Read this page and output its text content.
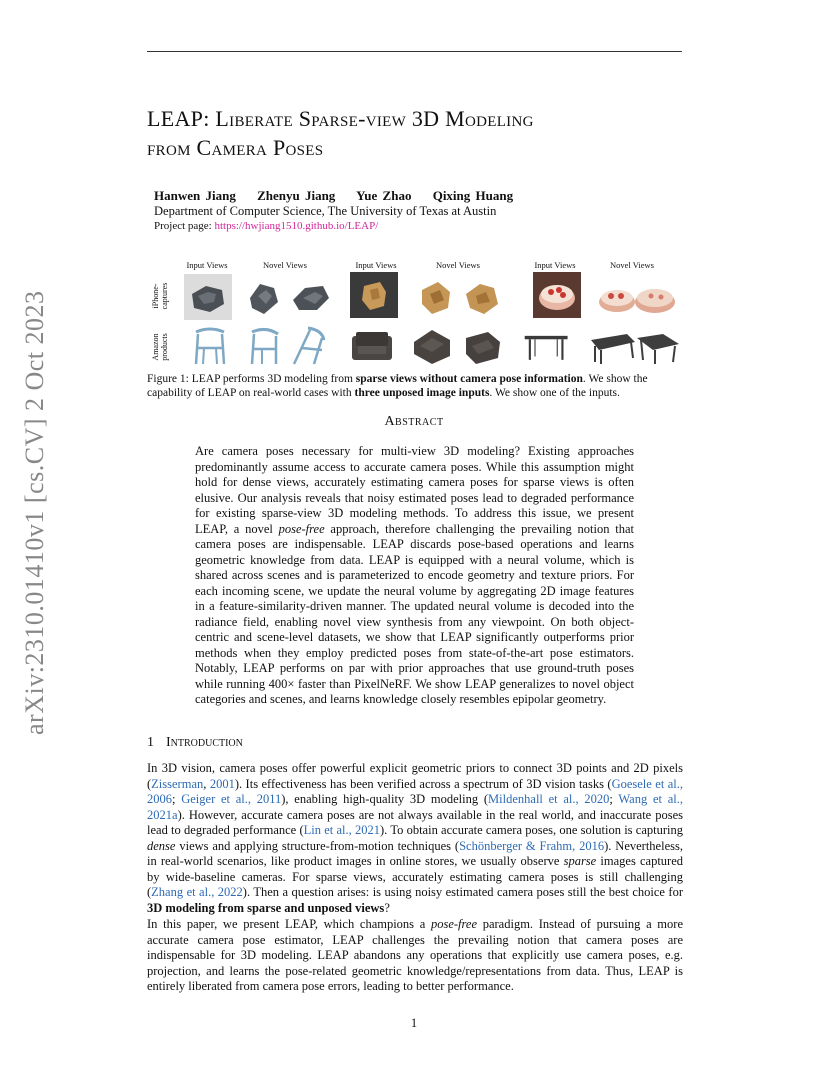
arXiv:2310.01410v1 [cs.CV] 2 Oct 2023
LEAP: Liberate Sparse-view 3D Modeling
from Camera Poses
Hanwen Jiang Zhenyu Jiang Yue Zhao Qixing Huang
Department of Computer Science, The University of Texas at Austin
Project page: https://hwjiang1510.github.io/LEAP/
Input Views	Novel Views	Input Views	Novel Views	Input Views	Novel Views
iPhone-captures
Amazon products
Figure 1: LEAP performs 3D modeling from sparse views without camera pose information. We show the capability of LEAP on real-world cases with three unposed image inputs. We show one of the inputs.
Abstract
Are camera poses necessary for multi-view 3D modeling? Existing approaches predominantly assume access to accurate camera poses. While this assumption might hold for dense views, accurately estimating camera poses for sparse views is often elusive. Our analysis reveals that noisy estimated poses lead to degraded performance for existing sparse-view 3D modeling methods. To address this issue, we present LEAP, a novel pose-free approach, therefore challenging the prevailing notion that camera poses are indispensable. LEAP discards pose-based operations and learns geometric knowledge from data. LEAP is equipped with a neural volume, which is shared across scenes and is parameterized to encode geometry and texture priors. For each incoming scene, we update the neural volume by aggregating 2D image features in a feature-similarity-driven manner. The updated neural volume is decoded into the radiance field, enabling novel view synthesis from any viewpoint. On both object-centric and scene-level datasets, we show that LEAP significantly outperforms prior methods when they employ predicted poses from state-of-the-art pose estimators. Notably, LEAP performs on par with prior approaches that use ground-truth poses while running 400× faster than PixelNeRF. We show LEAP generalizes to novel object categories and scenes, and learns knowledge closely resembles epipolar geometry.
1 Introduction
In 3D vision, camera poses offer powerful explicit geometric priors to connect 3D points and 2D pixels (Zisserman, 2001). Its effectiveness has been verified across a spectrum of 3D vision tasks (Goesele et al., 2006; Geiger et al., 2011), enabling high-quality 3D modeling (Mildenhall et al., 2020; Wang et al., 2021a). However, accurate camera poses are not always available in the real world, and inaccurate poses lead to degraded performance (Lin et al., 2021). To obtain accurate camera poses, one solution is capturing dense views and applying structure-from-motion techniques (Schönberger & Frahm, 2016). Nevertheless, in real-world scenarios, like product images in online stores, we usually observe sparse images captured by wide-baseline cameras. For sparse views, accurately estimating camera poses is still challenging (Zhang et al., 2022). Then a question arises: is using noisy estimated camera poses still the best choice for 3D modeling from sparse and unposed views?
In this paper, we present LEAP, which champions a pose-free paradigm. Instead of pursuing a more accurate camera pose estimator, LEAP challenges the prevailing notion that camera poses are indispensable for 3D modeling. LEAP abandons any operations that explicitly use camera poses, e.g. projection, and learns the pose-related geometric knowledge/representations from data. Thus, LEAP is entirely liberated from camera pose errors, leading to better performance.
1
